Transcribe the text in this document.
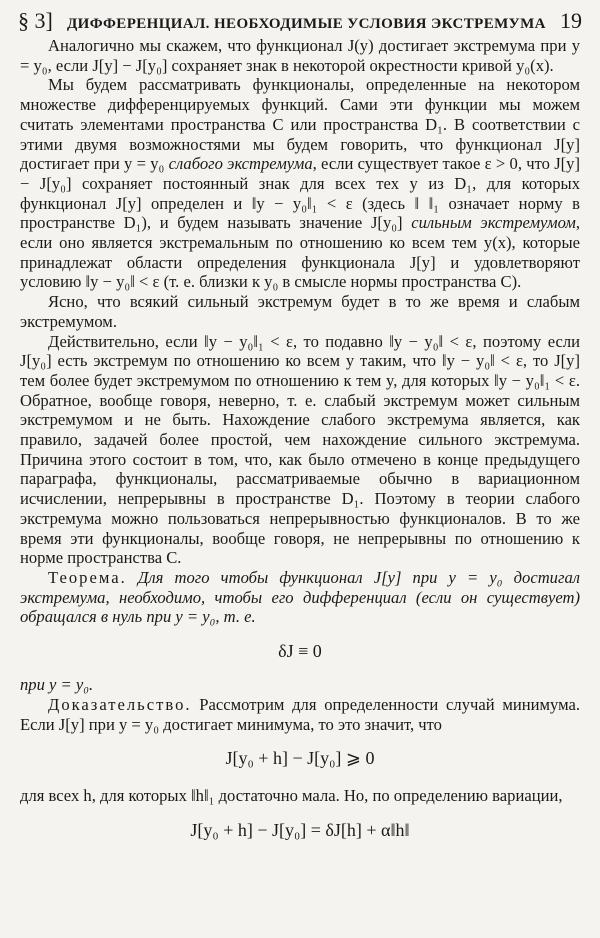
§ 3] ДИФФЕРЕНЦИАЛ. НЕОБХОДИМЫЕ УСЛОВИЯ ЭКСТРЕМУМА 19

Аналогично мы скажем, что функционал J(y) достигает экстремума при y = y₀, если J[y] − J[y₀] сохраняет знак в некоторой окрестности кривой y₀(x).

Мы будем рассматривать функционалы, определенные на некотором множестве дифференцируемых функций. Сами эти функции мы можем считать элементами пространства C или пространства D₁. В соответствии с этими двумя возможностями мы будем говорить, что функционал J[y] достигает при y = y₀ слабого экстремума, если существует такое ε > 0, что J[y] − J[y₀] сохраняет постоянный знак для всех тех y из D₁, для которых функционал J[y] определен и ‖y − y₀‖₁ < ε (здесь ‖ ‖₁ означает норму в пространстве D₁), и будем называть значение J[y₀] сильным экстремумом, если оно является экстремальным по отношению ко всем тем y(x), которые принадлежат области определения функционала J[y] и удовлетворяют условию ‖y − y₀‖ < ε (т. е. близки к y₀ в смысле нормы пространства C).

Ясно, что всякий сильный экстремум будет в то же время и слабым экстремумом.

Действительно, если ‖y − y₀‖₁ < ε, то подавно ‖y − y₀‖ < ε, поэтому если J[y₀] есть экстремум по отношению ко всем y таким, что ‖y − y₀‖ < ε, то J[y] тем более будет экстремумом по отношению к тем y, для которых ‖y − y₀‖₁ < ε. Обратное, вообще говоря, неверно, т. е. слабый экстремум может сильным экстремумом и не быть. Нахождение слабого экстремума является, как правило, задачей более простой, чем нахождение сильного экстремума. Причина этого состоит в том, что, как было отмечено в конце предыдущего параграфа, функционалы, рассматриваемые обычно в вариационном исчислении, непрерывны в пространстве D₁. Поэтому в теории слабого экстремума можно пользоваться непрерывностью функционалов. В то же время эти функционалы, вообще говоря, не непрерывны по отношению к норме пространства C.

Теорема. Для того чтобы функционал J[y] при y = y₀ достигал экстремума, необходимо, чтобы его дифференциал (если он существует) обращался в нуль при y = y₀, т. е.

δJ ≡ 0

при y = y₀.

Доказательство. Рассмотрим для определенности случай минимума. Если J[y] при y = y₀ достигает минимума, то это значит, что

J[y₀ + h] − J[y₀] ⩾ 0

для всех h, для которых ‖h‖₁ достаточно мала. Но, по определению вариации,

J[y₀ + h] − J[y₀] = δJ[h] + α‖h‖
